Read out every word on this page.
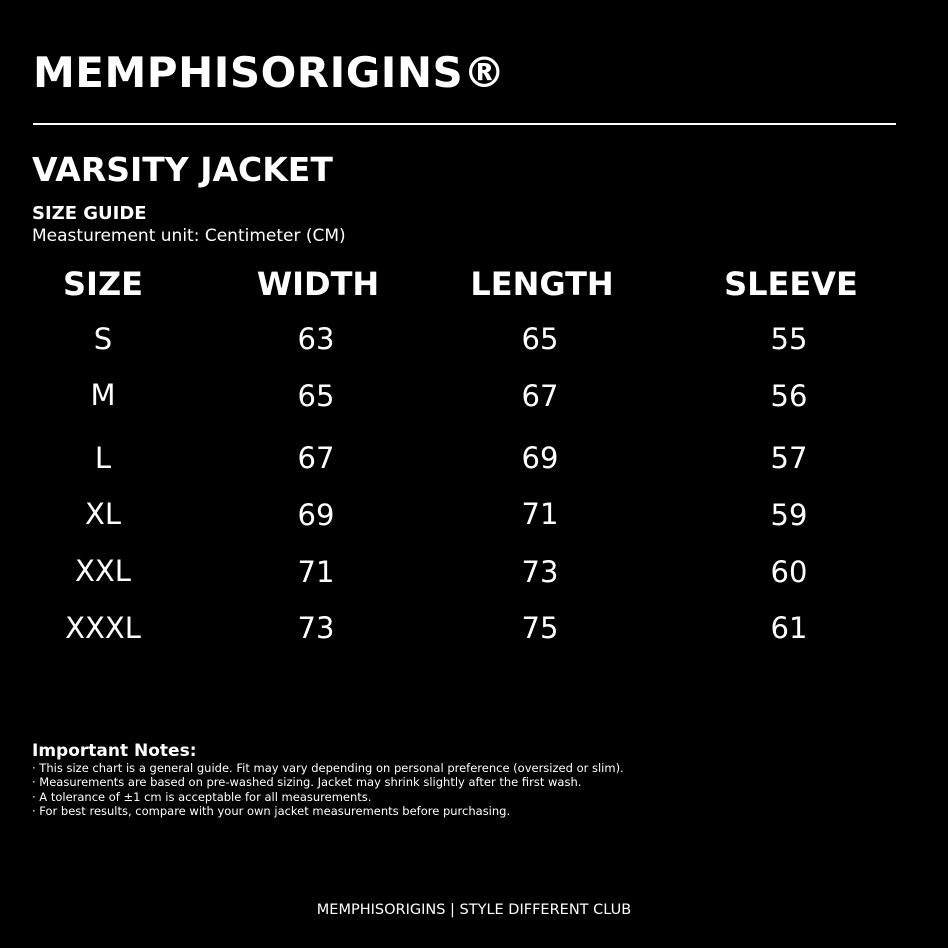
MEMPHISORIGINS®
VARSITY JACKET
SIZE GUIDE
Measturement unit: Centimeter (CM)
SIZE	WIDTH	LENGTH	SLEEVE
S	63	65	55
M	65	67	56
L	67	69	57
XL	69	71	59
XXL	71	73	60
XXXL	73	75	61
Important Notes:
· This size chart is a general guide. Fit may vary depending on personal preference (oversized or slim).
· Measurements are based on pre-washed sizing. Jacket may shrink slightly after the first wash.
· A tolerance of ±1 cm is acceptable for all measurements.
· For best results, compare with your own jacket measurements before purchasing.
MEMPHISORIGINS | STYLE DIFFERENT CLUB
